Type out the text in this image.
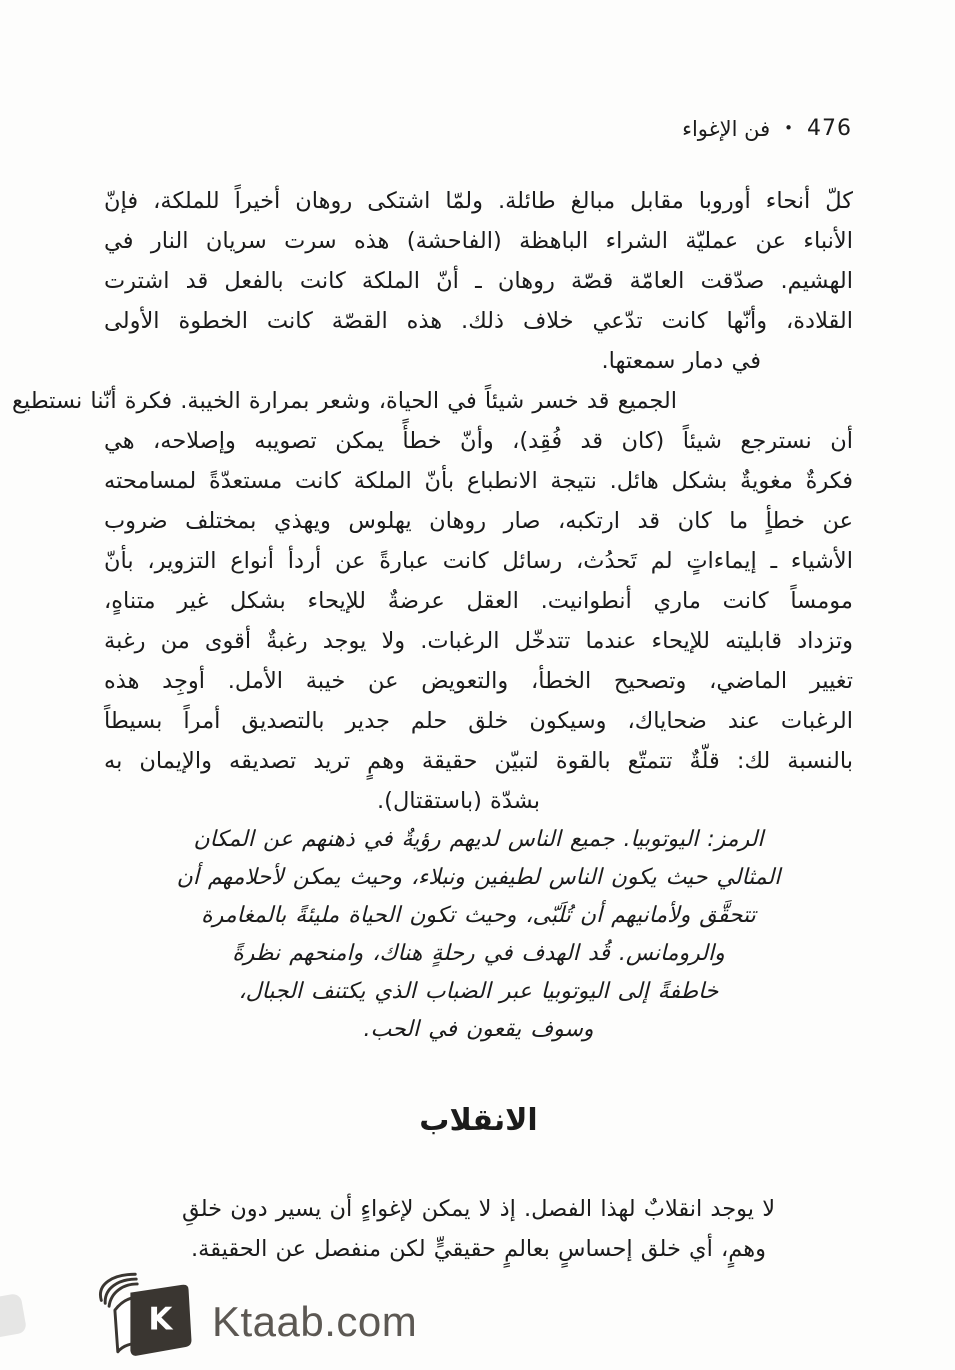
476
•
فن الإغواء
كلّ أنحاء أوروبا مقابل مبالغ طائلة. ولمّا اشتكى روهان أخيراً للملكة، فإنّ
الأنباء عن عمليّة الشراء الباهظة (الفاحشة) هذه سرت سريان النار في
الهشيم. صدّقت العامّة قصّة روهان ـ أنّ الملكة كانت بالفعل قد اشترت
القلادة، وأنّها كانت تدّعي خلاف ذلك. هذه القصّة كانت الخطوة الأولى
في دمار سمعتها.
الجميع قد خسر شيئاً في الحياة، وشعر بمرارة الخيبة. فكرة أنّنا نستطيع
أن نسترجع شيئاً (كان قد فُقِد)، وأنّ خطأً يمكن تصويبه وإصلاحه، هي
فكرةٌ مغويةٌ بشكل هائل. نتيجة الانطباع بأنّ الملكة كانت مستعدّةً لمسامحته
عن خطأٍ ما كان قد ارتكبه، صار روهان يهلوس ويهذي بمختلف ضروب
الأشياء ـ إيماءاتٍ لم تَحدُث، رسائل كانت عبارةً عن أردأ أنواع التزوير، بأنّ
مومساً كانت ماري أنطوانيت. العقل عرضةٌ للإيحاء بشكل غير متناهٍ،
وتزداد قابليته للإيحاء عندما تتدخّل الرغبات. ولا يوجد رغبةٌ أقوى من رغبة
تغيير الماضي، وتصحيح الخطأ، والتعويض عن خيبة الأمل. أوجِد هذه
الرغبات عند ضحاياك، وسيكون خلق حلم جدير بالتصديق أمراً بسيطاً
بالنسبة لك: قلّةٌ تتمتّع بالقوة لتبيّن حقيقة وهمٍ تريد تصديقه والإيمان به
بشدّة (باستقتال).
الرمز: اليوتوبيا. جميع الناس لديهم رؤيةٌ في ذهنهم عن المكان
المثالي حيث يكون الناس لطيفين ونبلاء، وحيث يمكن لأحلامهم أن
تتحقَّق ولأمانيهم أن تُلَبّى، وحيث تكون الحياة مليئةً بالمغامرة
والرومانس. قُد الهدف في رحلةٍ هناك، وامنحهم نظرةً
خاطفةً إلى اليوتوبيا عبر الضباب الذي يكتنف الجبال،
وسوف يقعون في الحب.
الانقلاب
لا يوجد انقلابٌ لهذا الفصل. إذ لا يمكن لإغواءٍ أن يسير دون خلقِ
وهمٍ، أي خلق إحساسٍ بعالمٍ حقيقيٍّ لكن منفصل عن الحقيقة.
K Ktaab.com
